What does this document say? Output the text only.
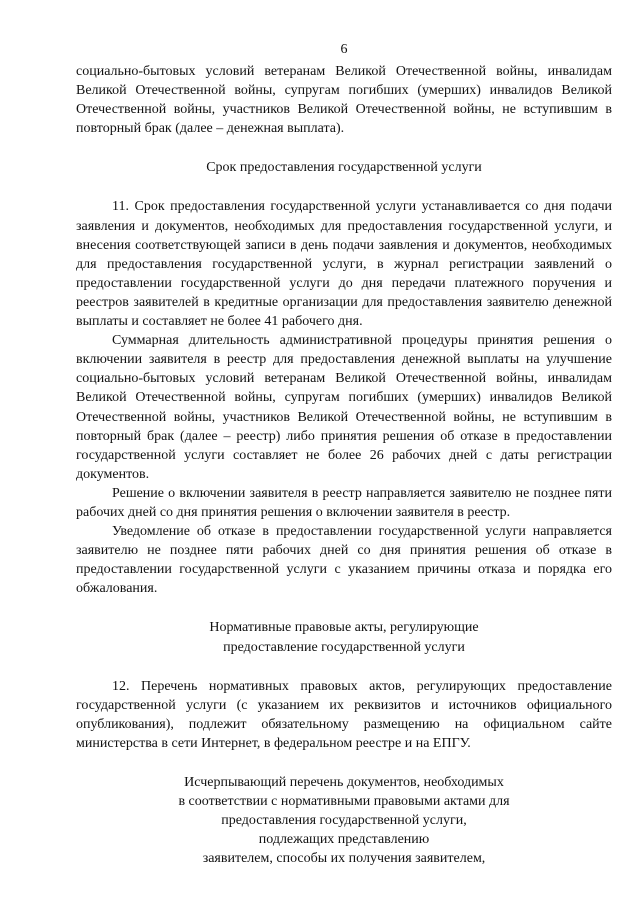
6

социально-бытовых условий ветеранам Великой Отечественной войны, инвалидам Великой Отечественной войны, супругам погибших (умерших) инвалидов Великой Отечественной войны, участников Великой Отечественной войны, не вступившим в повторный брак (далее – денежная выплата).

Срок предоставления государственной услуги

11. Срок предоставления государственной услуги устанавливается со дня подачи заявления и документов, необходимых для предоставления государственной услуги, и внесения соответствующей записи в день подачи заявления и документов, необходимых для предоставления государственной услуги, в журнал регистрации заявлений о предоставлении государственной услуги до дня передачи платежного поручения и реестров заявителей в кредитные организации для предоставления заявителю денежной выплаты и составляет не более 41 рабочего дня.

Суммарная длительность административной процедуры принятия решения о включении заявителя в реестр для предоставления денежной выплаты на улучшение социально-бытовых условий ветеранам Великой Отечественной войны, инвалидам Великой Отечественной войны, супругам погибших (умерших) инвалидов Великой Отечественной войны, участников Великой Отечественной войны, не вступившим в повторный брак (далее – реестр) либо принятия решения об отказе в предоставлении государственной услуги составляет не более 26 рабочих дней с даты регистрации документов.

Решение о включении заявителя в реестр направляется заявителю не позднее пяти рабочих дней со дня принятия решения о включении заявителя в реестр.

Уведомление об отказе в предоставлении государственной услуги направляется заявителю не позднее пяти рабочих дней со дня принятия решения об отказе в предоставлении государственной услуги с указанием причины отказа и порядка его обжалования.

Нормативные правовые акты, регулирующие

предоставление государственной услуги

12. Перечень нормативных правовых актов, регулирующих предоставление государственной услуги (с указанием их реквизитов и источников официального опубликования), подлежит обязательному размещению на официальном сайте министерства в сети Интернет, в федеральном реестре и на ЕПГУ.

Исчерпывающий перечень документов, необходимых

в соответствии с нормативными правовыми актами для

предоставления государственной услуги,

подлежащих представлению

заявителем, способы их получения заявителем,
